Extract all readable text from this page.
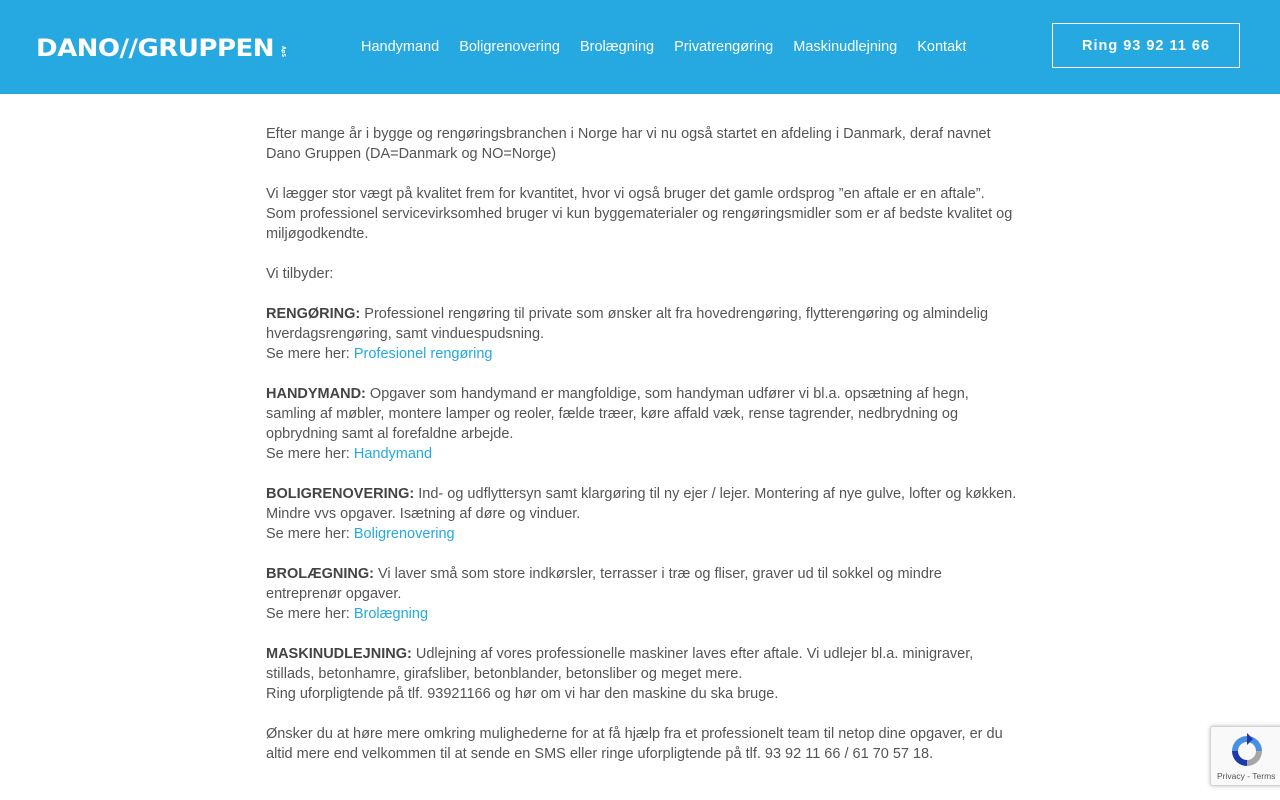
DANO//GRUPPEN ApS	Handymand	Boligrenovering	Brolægning	Privatrengøring	Maskinudlejning	Kontakt	Ring 93 92 11 66

Efter mange år i bygge og rengøringsbranchen i Norge har vi nu også startet en afdeling i Danmark, deraf navnet Dano Gruppen (DA=Danmark og NO=Norge)

Vi lægger stor vægt på kvalitet frem for kvantitet, hvor vi også bruger det gamle ordsprog ”en aftale er en aftale”.

Som professionel servicevirksomhed bruger vi kun byggematerialer og rengøringsmidler som er af bedste kvalitet og miljøgodkendte.

Vi tilbyder:

RENGØRING: Professionel rengøring til private som ønsker alt fra hovedrengøring, flytterengøring og almindelig hverdagsrengøring, samt vinduespudsning.

Se mere her: Profesionel rengøring

HANDYMAND: Opgaver som handymand er mangfoldige, som handyman udfører vi bl.a. opsætning af hegn, samling af møbler, montere lamper og reoler, fælde træer, køre affald væk, rense tagrender, nedbrydning og opbrydning samt al forefaldne arbejde.

Se mere her: Handymand

BOLIGRENOVERING: Ind- og udflyttersyn samt klargøring til ny ejer / lejer. Montering af nye gulve, lofter og køkken. Mindre vvs opgaver. Isætning af døre og vinduer.

Se mere her: Boligrenovering

BROLÆGNING: Vi laver små som store indkørsler, terrasser i træ og fliser, graver ud til sokkel og mindre entreprenør opgaver.

Se mere her: Brolægning

MASKINUDLEJNING: Udlejning af vores professionelle maskiner laves efter aftale. Vi udlejer bl.a. minigraver, stillads, betonhamre, girafsliber, betonblander, betonsliber og meget mere.

Ring uforpligtende på tlf. 93921166 og hør om vi har den maskine du ska bruge.

Ønsker du at høre mere omkring mulighederne for at få hjælp fra et professionelt team til netop dine opgaver, er du altid mere end velkommen til at sende en SMS eller ringe uforpligtende på tlf. 93 92 11 66 / 61 70 57 18.

Privacy - Terms
